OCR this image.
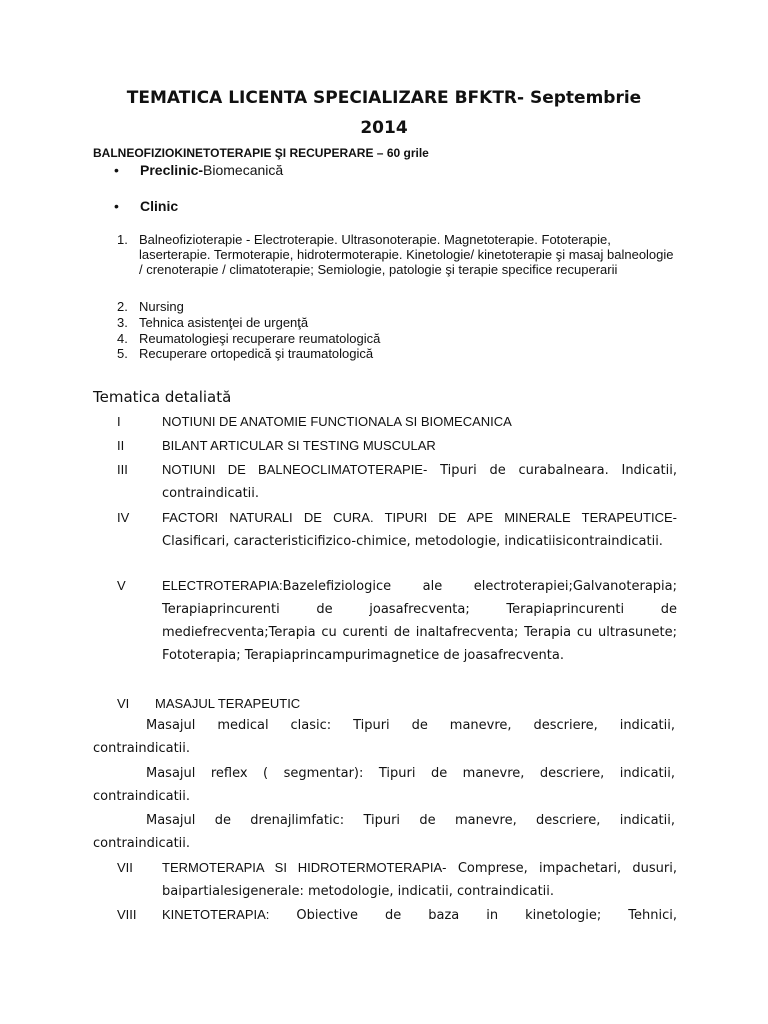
TEMATICA LICENTA SPECIALIZARE BFKTR- Septembrie
2014
BALNEOFIZIOKINETOTERAPIE ŞI RECUPERARE – 60 grile
• Preclinic-Biomecanică
• Clinic
1. Balneofizioterapie - Electroterapie. Ultrasonoterapie. Magnetoterapie. Fototerapie, laserterapie. Termoterapie, hidrotermoterapie. Kinetologie/ kinetoterapie şi masaj balneologie / crenoterapie / climatoterapie; Semiologie, patologie şi terapie specifice recuperarii
2. Nursing
3. Tehnica asistenţei de urgenţă
4. Reumatologieşi recuperare reumatologică
5. Recuperare ortopedică şi traumatologică
Tematica detaliată
I	NOTIUNI DE ANATOMIE FUNCTIONALA SI BIOMECANICA
II	BILANT ARTICULAR SI TESTING MUSCULAR
III	NOTIUNI DE BALNEOCLIMATOTERAPIE- Tipuri de curabalneara. Indicatii, contraindicatii.
IV	FACTORI NATURALI DE CURA. TIPURI DE APE MINERALE TERAPEUTICE- Clasificari, caracteristicifizico-chimice, metodologie, indicatiisicontraindicatii.
V	ELECTROTERAPIA:Bazelefiziologice ale electroterapiei;Galvanoterapia; Terapiaprincurenti de joasafrecventa; Terapiaprincurenti de mediefrecventa;Terapia cu curenti de inaltafrecventa; Terapia cu ultrasunete; Fototerapia; Terapiaprincampurimagnetice de joasafrecventa.
VI MASAJUL TERAPEUTIC
Masajul medical clasic: Tipuri de manevre, descriere, indicatii,
contraindicatii.
Masajul reflex ( segmentar): Tipuri de manevre, descriere, indicatii,
contraindicatii.
Masajul de drenajlimfatic: Tipuri de manevre, descriere, indicatii,
contraindicatii.
VII TERMOTERAPIA SI HIDROTERMOTERAPIA- Comprese, impachetari, dusuri, baipartialesigenerale: metodologie, indicatii, contraindicatii.
VIII KINETOTERAPIA: Obiective de baza in kinetologie; Tehnici,
